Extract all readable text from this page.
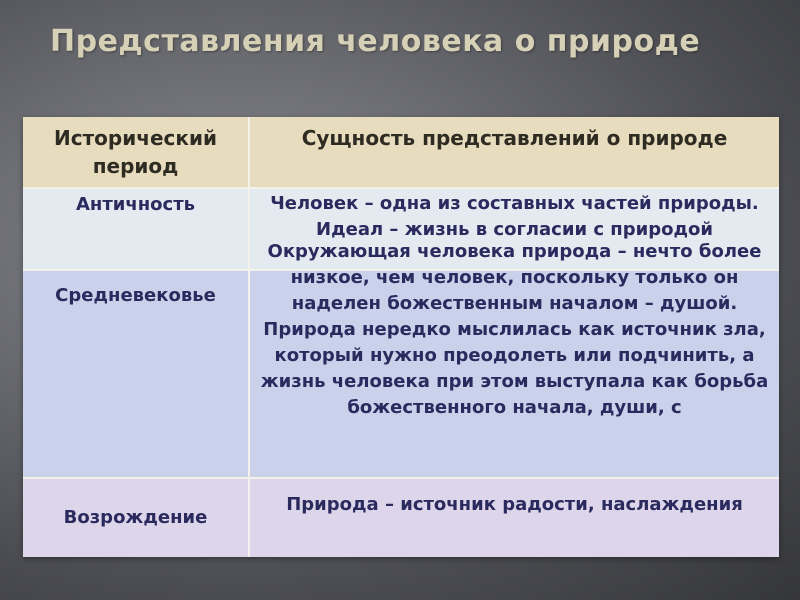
Представления человека о природе
Исторический период
Сущность представлений о природе
Античность	Человек – одна из составных частей природы. Идеал – жизнь в согласии с природой
Средневековье
Возрождение
Природа – источник радости, наслаждения
Окружающая человека природа – нечто более низкое, чем человек, поскольку только он наделен божественным началом – душой. Природа нередко мыслилась как источник зла, который нужно преодолеть или подчинить, а жизнь человека при этом выступала как борьба божественного начала, души, с
